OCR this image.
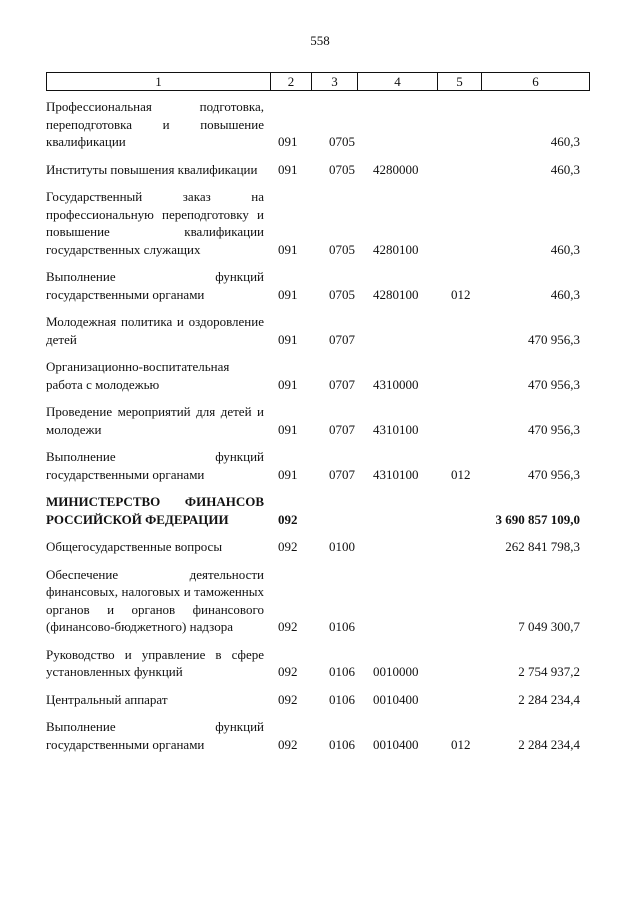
558
1	2	3	4	5	6
Профессиональная подготовка, переподготовка и повышение квалификации	091 0705	460,3
Институты повышения квалификации	091 0705 4280000	460,3
Государственный заказ на профессиональную переподготовку и повышение квалификации государственных служащих	091 0705 4280100	460,3
Выполнение функций государственными органами	091 0705 4280100	012	460,3
Молодежная политика и оздоровление детей	091 0707	470 956,3
Организационно-воспитательная работа с молодежью	091 0707 4310000	470 956,3
Проведение мероприятий для детей и молодежи	091 0707 4310100	470 956,3
Выполнение функций государственными органами	091 0707 4310100	012	470 956,3
МИНИСТЕРСТВО ФИНАНСОВ РОССИЙСКОЙ ФЕДЕРАЦИИ	092	3 690 857 109,0
Общегосударственные вопросы	092 0100	262 841 798,3
Обеспечение деятельности финансовых, налоговых и таможенных органов и органов финансового (финансово-бюджетного) надзора	092 0106	7 049 300,7
Руководство и управление в сфере установленных функций	092 0106 0010000	2 754 937,2
Центральный аппарат	092 0106 0010400	2 284 234,4
Выполнение функций государственными органами	092 0106 0010400	012	2 284 234,4
